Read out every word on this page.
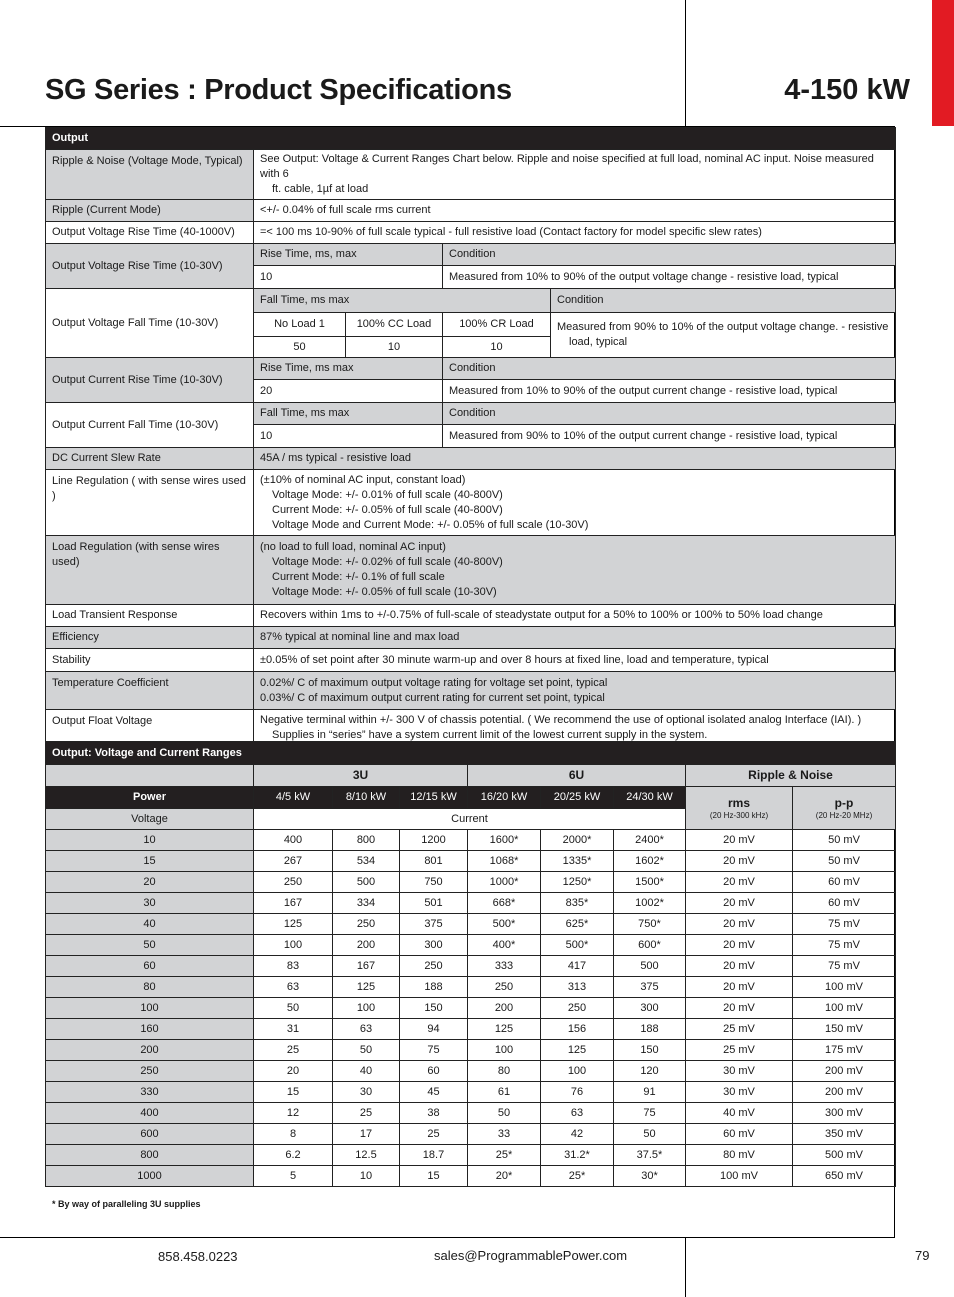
SG Series : Product Specifications	4-150 kW
Output				
Ripple & Noise (Voltage Mode, Typical)	See Output: Voltage & Current Ranges Chart below. Ripple and noise specified at full load, nominal AC input. Noise measured with 6

ft. cable, 1µf at load			

Ripple (Current Mode)	<+/- 0.04% of full scale rms current			
Output Voltage Rise Time (40-1000V)	=< 100 ms 10-90% of full scale typical - full resistive load (Contact factory for model specific slew rates)			
Output Voltage Rise Time (10-30V)	Rise Time, ms, max		Condition	
	10		Measured from 10% to 90% of the output voltage change - resistive load, typical	
Output Voltage Fall Time (10-30V)	Fall Time, ms max			Condition
	No Load 1	100% CC Load	100% CR Load	Measured from 90% to 10% of the output voltage change. - resistive

load, typical

	50	10	10	
Output Current Rise Time (10-30V)	Rise Time, ms max		Condition	
	20		Measured from 10% to 90% of the output current change - resistive load, typical	
Output Current Fall Time (10-30V)	Fall Time, ms max		Condition	
	10		Measured from 90% to 10% of the output current change - resistive load, typical	
DC Current Slew Rate	45A / ms typical - resistive load			
Line Regulation ( with sense wires used )	(±10% of nominal AC input, constant load)
Voltage Mode: +/- 0.01% of full scale (40-800V)
Current Mode: +/- 0.05% of full scale (40-800V)
Voltage Mode and Current Mode: +/- 0.05% of full scale (10-30V)			

Load Regulation (with sense wires used)	(no load to full load, nominal AC input)
Voltage Mode: +/- 0.02% of full scale (40-800V)
Current Mode: +/- 0.1% of full scale
Voltage Mode: +/- 0.05% of full scale (10-30V)			

Load Transient Response	Recovers within 1ms to +/-0.75% of full-scale of steadystate output for a 50% to 100% or 100% to 50% load change			
Efficiency	87% typical at nominal line and max load			
Stability	±0.05% of set point after 30 minute warm-up and over 8 hours at fixed line, load and temperature, typical			
Temperature Coefficient	0.02%/ C of maximum output voltage rating for voltage set point, typical
0.03%/ C of maximum output current rating for current set point, typical			
Output Float Voltage	Negative terminal within +/- 300 V of chassis potential. ( We recommend the use of optional isolated analog Interface (IAI). )
Supplies in “series” have a system current limit of the lowest current supply in the system.			
Output: Voltage and Current Ranges								
	3U			6U			Ripple & Noise	
Power	4/5 kW	8/10 kW	12/15 kW	16/20 kW	20/25 kW	24/30 kW	rms
(20 Hz-300 kHz)	p-p
(20 Hz-20 MHz)

Voltage	Current							
10	400	800	1200	1600*	2000*	2400*	20 mV	50 mV
15	267	534	801	1068*	1335*	1602*	20 mV	50 mV
20	250	500	750	1000*	1250*	1500*	20 mV	60 mV
30	167	334	501	668*	835*	1002*	20 mV	60 mV
40	125	250	375	500*	625*	750*	20 mV	75 mV
50	100	200	300	400*	500*	600*	20 mV	75 mV
60	83	167	250	333	417	500	20 mV	75 mV
80	63	125	188	250	313	375	20 mV	100 mV
100	50	100	150	200	250	300	20 mV	100 mV
160	31	63	94	125	156	188	25 mV	150 mV
200	25	50	75	100	125	150	25 mV	175 mV
250	20	40	60	80	100	120	30 mV	200 mV
330	15	30	45	61	76	91	30 mV	200 mV
400	12	25	38	50	63	75	40 mV	300 mV
600	8	17	25	33	42	50	60 mV	350 mV
800	6.2	12.5	18.7	25*	31.2*	37.5*	80 mV	500 mV
1000	5	10	15	20*	25*	30*	100 mV	650 mV
* By way of paralleling 3U supplies
858.458.0223	sales@ProgrammablePower.com	79
